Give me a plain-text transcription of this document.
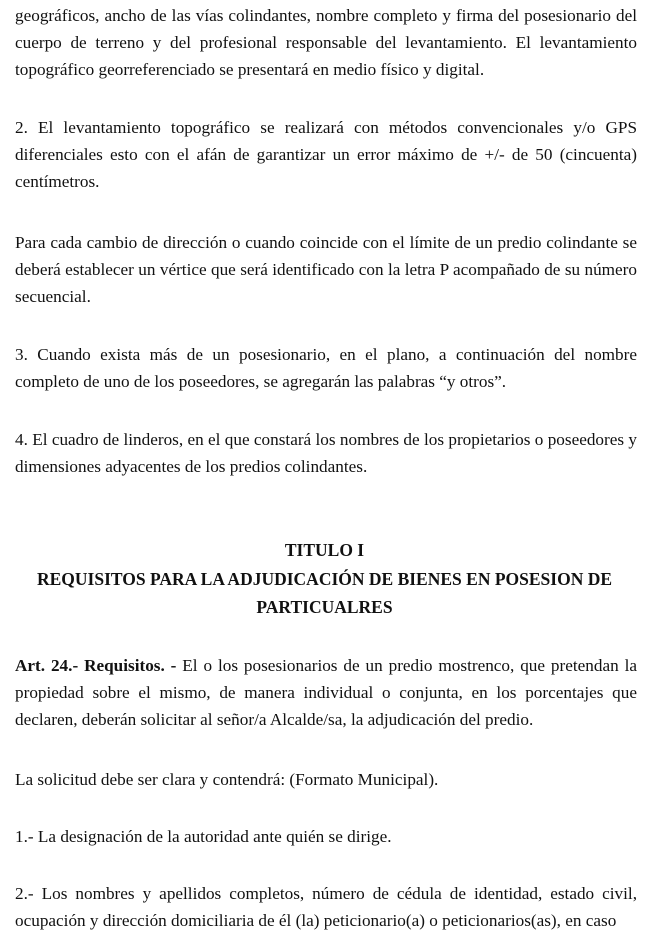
geográficos, ancho de las vías colindantes, nombre completo y firma del posesionario del cuerpo de terreno y del profesional responsable del levantamiento. El levantamiento topográfico georreferenciado se presentará en medio físico y digital.

2. El levantamiento topográfico se realizará con métodos convencionales y/o GPS diferenciales esto con el afán de garantizar un error máximo de +/- de 50 (cincuenta) centímetros.

Para cada cambio de dirección o cuando coincide con el límite de un predio colindante se deberá establecer un vértice que será identificado con la letra P acompañado de su número secuencial.

3. Cuando exista más de un posesionario, en el plano, a continuación del nombre completo de uno de los poseedores, se agregarán las palabras “y otros”.

4. El cuadro de linderos, en el que constará los nombres de los propietarios o poseedores y dimensiones adyacentes de los predios colindantes.

TITULO I

REQUISITOS PARA LA ADJUDICACIÓN DE BIENES EN POSESION DE

PARTICUALRES

Art. 24.- Requisitos. - El o los posesionarios de un predio mostrenco, que pretendan la propiedad sobre el mismo, de manera individual o conjunta, en los porcentajes que declaren, deberán solicitar al señor/a Alcalde/sa, la adjudicación del predio.

La solicitud debe ser clara y contendrá: (Formato Municipal).

1.- La designación de la autoridad ante quién se dirige.

2.- Los nombres y apellidos completos, número de cédula de identidad, estado civil, ocupación y dirección domiciliaria de él (la) peticionario(a) o peticionarios(as), en caso
